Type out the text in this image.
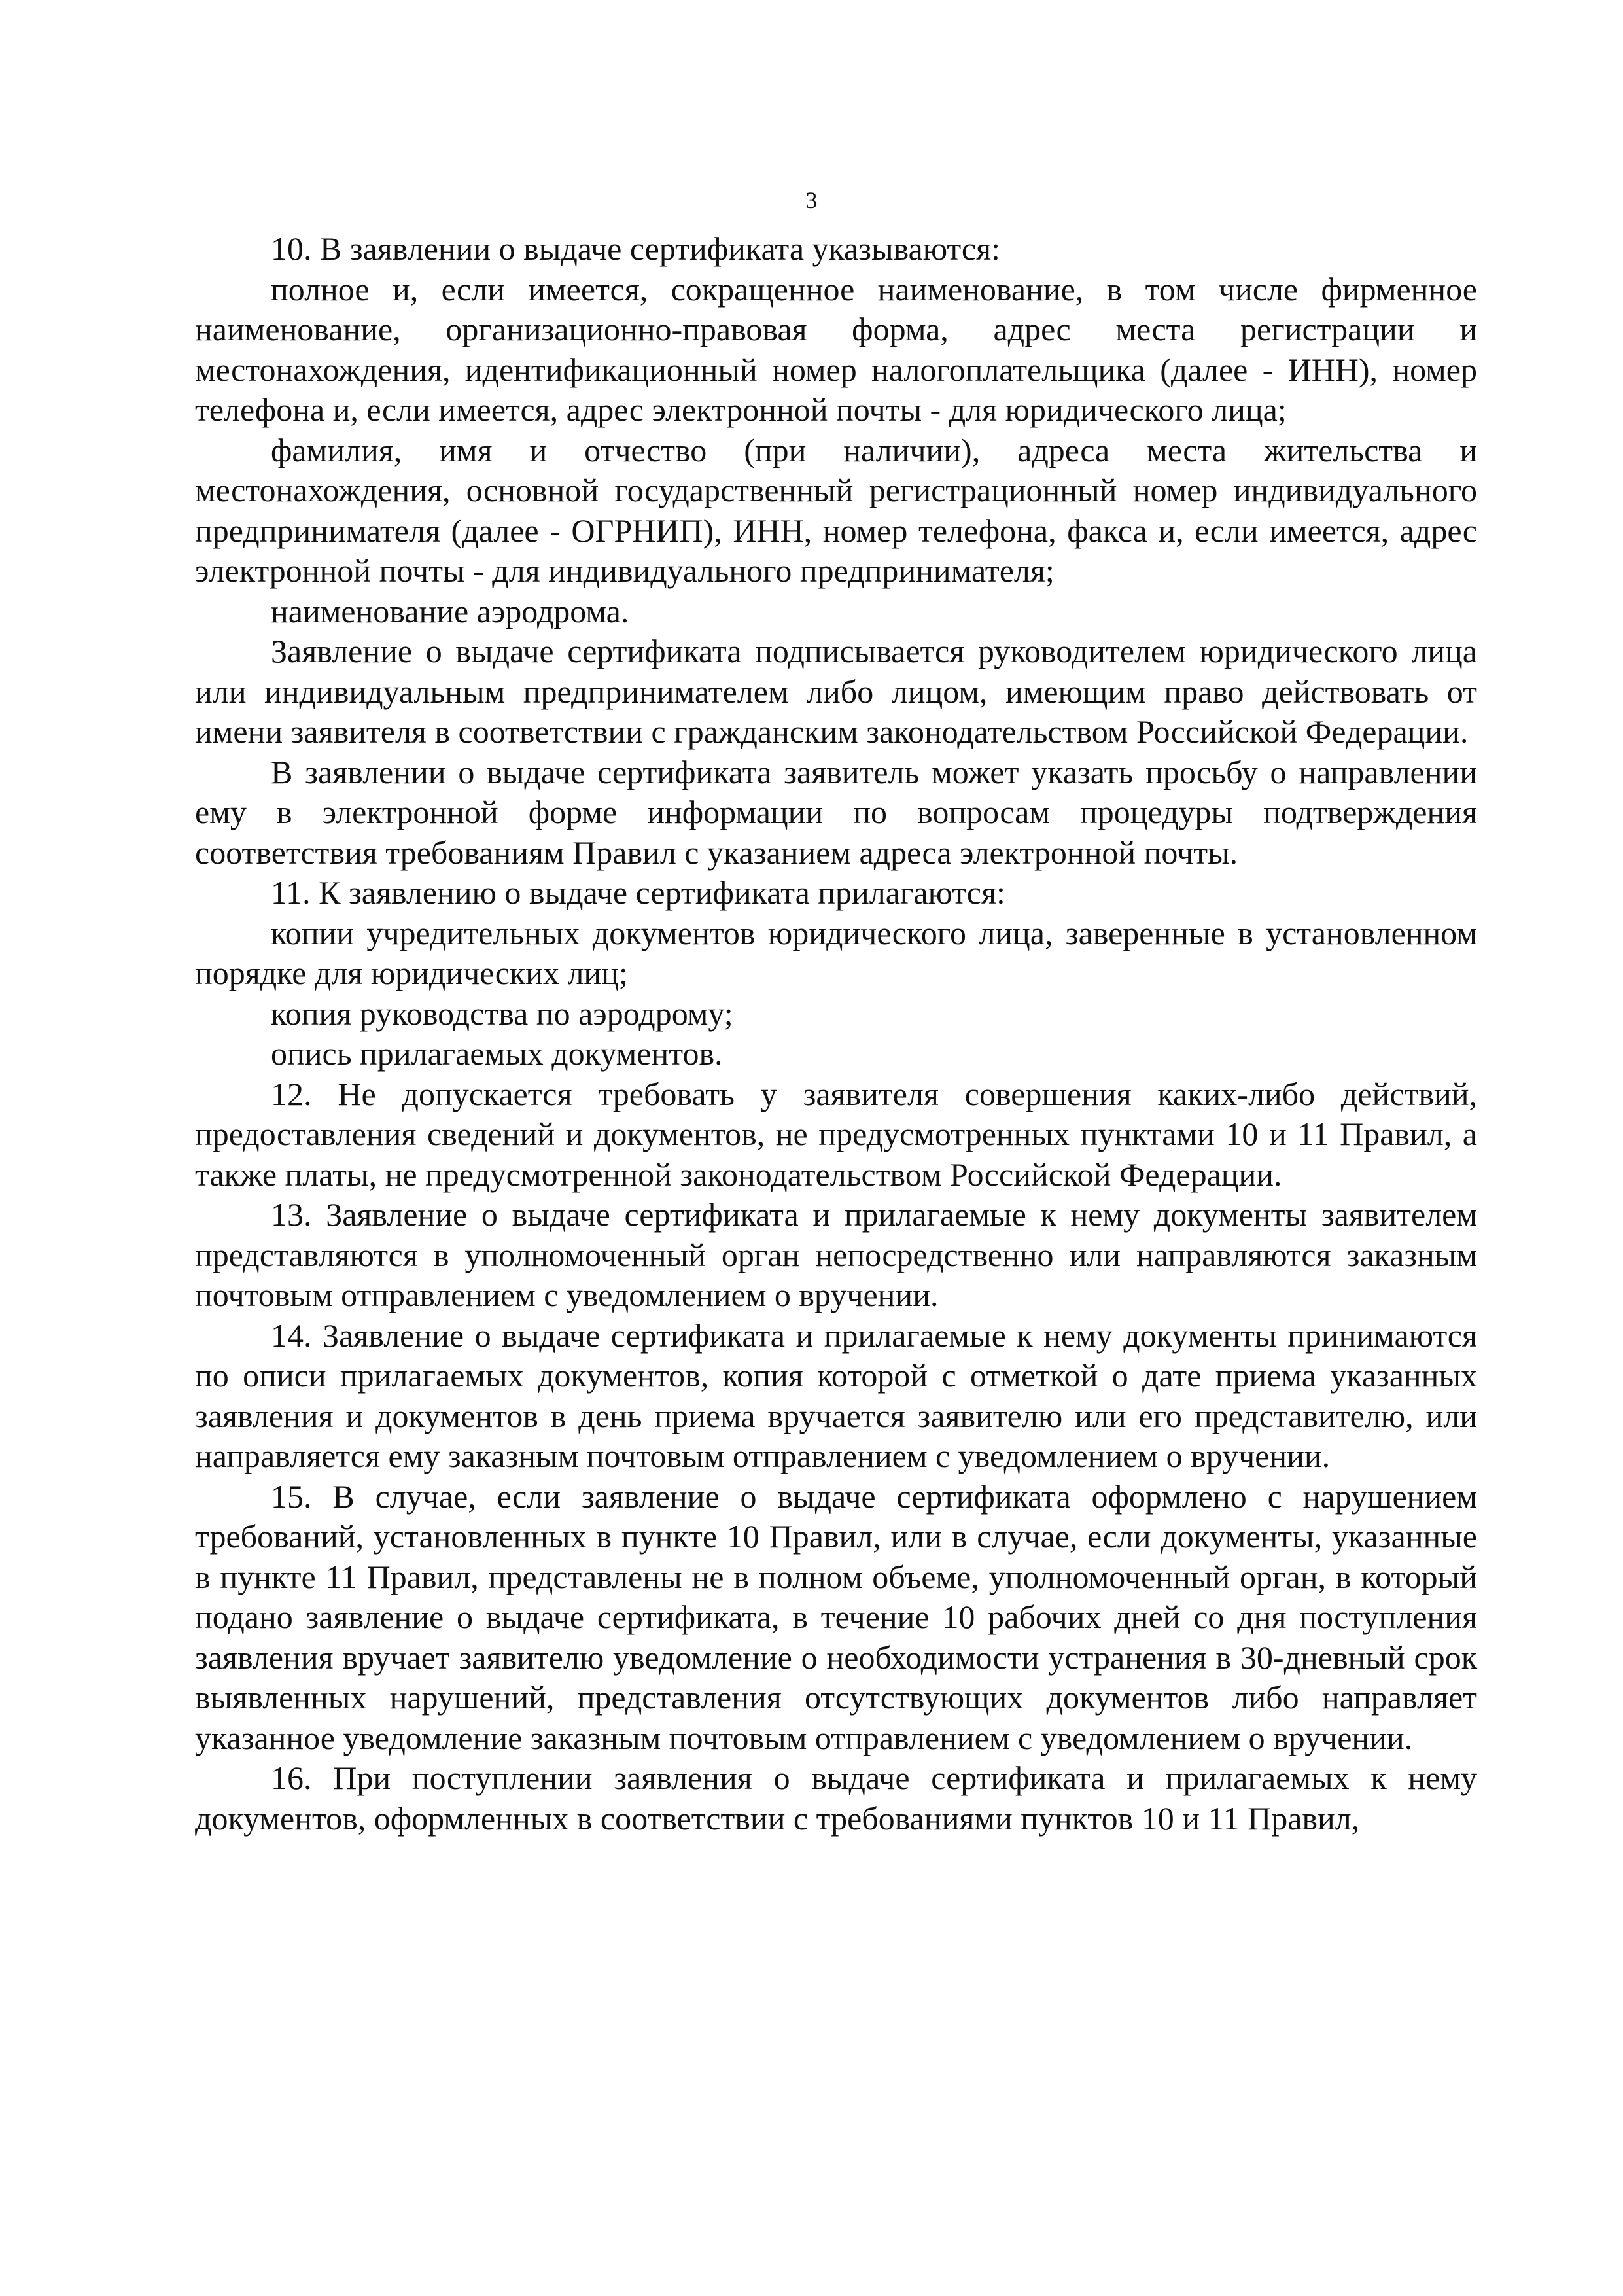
3

10. В заявлении о выдаче сертификата указываются:

полное и, если имеется, сокращенное наименование, в том числе фирменное наименование, организационно-правовая форма, адрес места регистрации и местонахождения, идентификационный номер налогоплательщика (далее - ИНН), номер телефона и, если имеется, адрес электронной почты - для юридического лица;

фамилия, имя и отчество (при наличии), адреса места жительства и местонахождения, основной государственный регистрационный номер индивидуального предпринимателя (далее - ОГРНИП), ИНН, номер телефона, факса и, если имеется, адрес электронной почты - для индивидуального предпринимателя;

наименование аэродрома.

Заявление о выдаче сертификата подписывается руководителем юридического лица или индивидуальным предпринимателем либо лицом, имеющим право действовать от имени заявителя в соответствии с гражданским законодательством Российской Федерации.

В заявлении о выдаче сертификата заявитель может указать просьбу о направлении ему в электронной форме информации по вопросам процедуры подтверждения соответствия требованиям Правил с указанием адреса электронной почты.

11. К заявлению о выдаче сертификата прилагаются:

копии учредительных документов юридического лица, заверенные в установленном порядке для юридических лиц;

копия руководства по аэродрому;

опись прилагаемых документов.

12. Не допускается требовать у заявителя совершения каких-либо действий, предоставления сведений и документов, не предусмотренных пунктами 10 и 11 Правил, а также платы, не предусмотренной законодательством Российской Федерации.

13. Заявление о выдаче сертификата и прилагаемые к нему документы заявителем представляются в уполномоченный орган непосредственно или направляются заказным почтовым отправлением с уведомлением о вручении.

14. Заявление о выдаче сертификата и прилагаемые к нему документы принимаются по описи прилагаемых документов, копия которой с отметкой о дате приема указанных заявления и документов в день приема вручается заявителю или его представителю, или направляется ему заказным почтовым отправлением с уведомлением о вручении.

15. В случае, если заявление о выдаче сертификата оформлено с нарушением требований, установленных в пункте 10 Правил, или в случае, если документы, указанные в пункте 11 Правил, представлены не в полном объеме, уполномоченный орган, в который подано заявление о выдаче сертификата, в течение 10 рабочих дней со дня поступления заявления вручает заявителю уведомление о необходимости устранения в 30-дневный срок выявленных нарушений, представления отсутствующих документов либо направляет указанное уведомление заказным почтовым отправлением с уведомлением о вручении.

16. При поступлении заявления о выдаче сертификата и прилагаемых к нему документов, оформленных в соответствии с требованиями пунктов 10 и 11 Правил,
